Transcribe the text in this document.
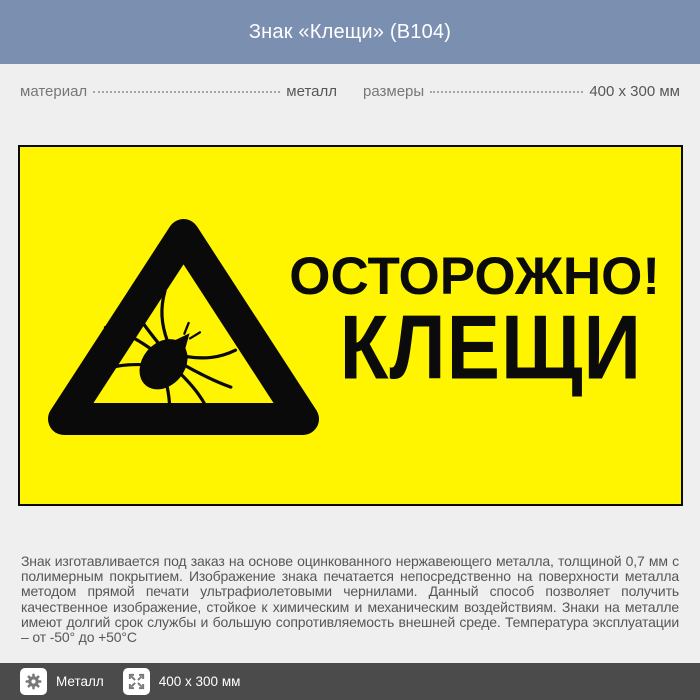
Знак «Клещи» (В104)
материал	металл размеры	400 x 300 мм
ОСТОРОЖНО!
КЛЕЩИ
Знак изготавливается под заказ на основе оцинкованного нержавеющего металла, толщиной 0,7 мм с полимерным покрытием. Изображение знака печатается непосредственно на поверхности металла методом прямой печати ультрафиолетовыми чернилами. Данный способ позволяет получить качественное изображение, стойкое к химическим и механическим воздействиям. Знаки на металле имеют долгий срок службы и большую сопротивляемость внешней среде. Температура эксплуатации – от -50° до +50°С
Металл	400 x 300 мм
